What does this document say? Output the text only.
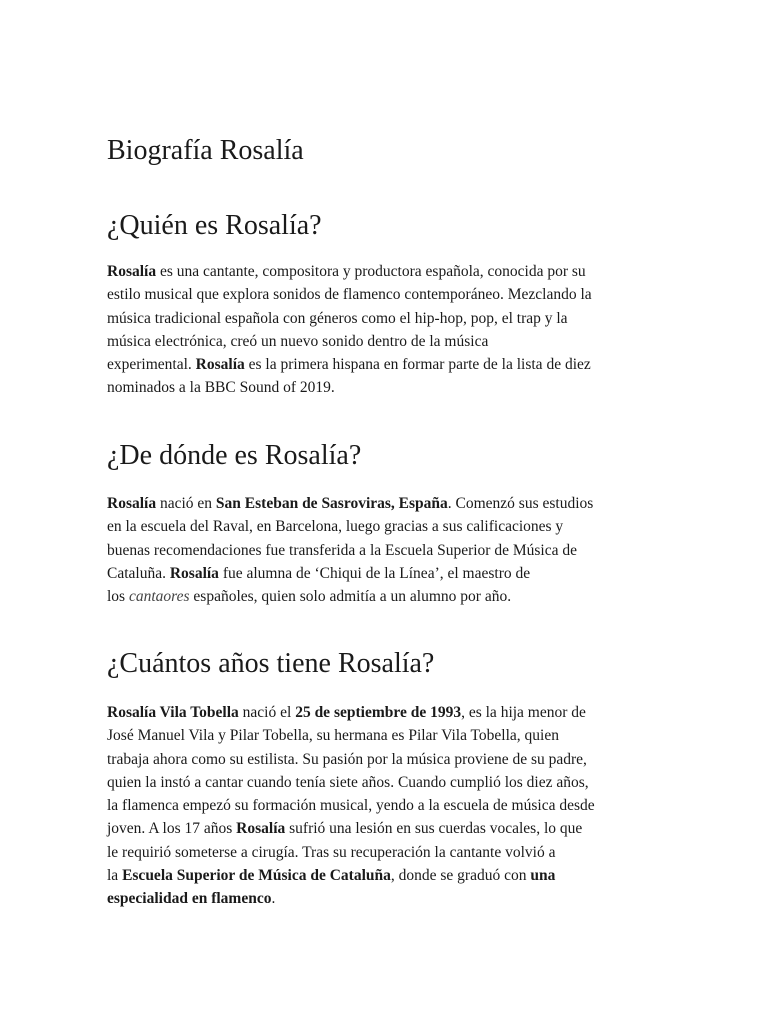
Biografía Rosalía
¿Quién es Rosalía?

Rosalía es una cantante, compositora y productora española, conocida por su
estilo musical que explora sonidos de flamenco contemporáneo. Mezclando la
música tradicional española con géneros como el hip-hop, pop, el trap y la
música electrónica, creó un nuevo sonido dentro de la música
experimental. Rosalía es la primera hispana en formar parte de la lista de diez
nominados a la BBC Sound of 2019.

¿De dónde es Rosalía?

Rosalía nació en San Esteban de Sasroviras, España. Comenzó sus estudios
en la escuela del Raval, en Barcelona, luego gracias a sus calificaciones y
buenas recomendaciones fue transferida a la Escuela Superior de Música de
Cataluña. Rosalía fue alumna de ‘Chiqui de la Línea’, el maestro de
los cantaores españoles, quien solo admitía a un alumno por año.

¿Cuántos años tiene Rosalía?

Rosalía Vila Tobella nació el 25 de septiembre de 1993, es la hija menor de
José Manuel Vila y Pilar Tobella, su hermana es Pilar Vila Tobella, quien
trabaja ahora como su estilista. Su pasión por la música proviene de su padre,
quien la instó a cantar cuando tenía siete años. Cuando cumplió los diez años,
la flamenca empezó su formación musical, yendo a la escuela de música desde
joven. A los 17 años Rosalía sufrió una lesión en sus cuerdas vocales, lo que
le requirió someterse a cirugía. Tras su recuperación la cantante volvió a
la Escuela Superior de Música de Cataluña, donde se graduó con una
especialidad en flamenco.
